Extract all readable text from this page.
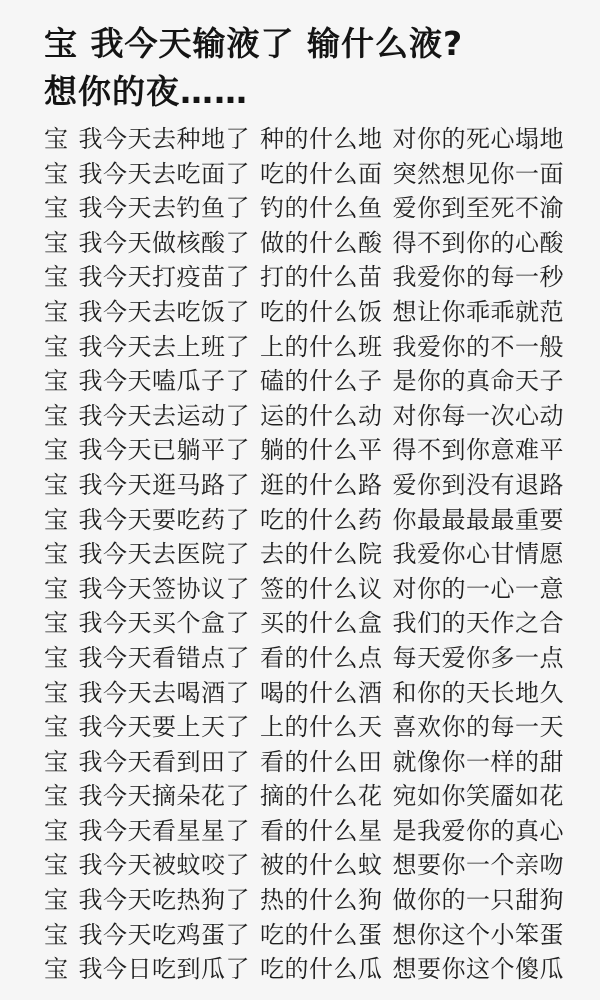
宝 我今天输液了 输什么液?
想你的夜……
宝 我今天去种地了 种的什么地 对你的死心塌地
宝 我今天去吃面了 吃的什么面 突然想见你一面
宝 我今天去钓鱼了 钓的什么鱼 爱你到至死不渝
宝 我今天做核酸了 做的什么酸 得不到你的心酸
宝 我今天打疫苗了 打的什么苗 我爱你的每一秒
宝 我今天去吃饭了 吃的什么饭 想让你乖乖就范
宝 我今天去上班了 上的什么班 我爱你的不一般
宝 我今天嗑瓜子了 磕的什么子 是你的真命天子
宝 我今天去运动了 运的什么动 对你每一次心动
宝 我今天已躺平了 躺的什么平 得不到你意难平
宝 我今天逛马路了 逛的什么路 爱你到没有退路
宝 我今天要吃药了 吃的什么药 你最最最最重要
宝 我今天去医院了 去的什么院 我爱你心甘情愿
宝 我今天签协议了 签的什么议 对你的一心一意
宝 我今天买个盒了 买的什么盒 我们的天作之合
宝 我今天看错点了 看的什么点 每天爱你多一点
宝 我今天去喝酒了 喝的什么酒 和你的天长地久
宝 我今天要上天了 上的什么天 喜欢你的每一天
宝 我今天看到田了 看的什么田 就像你一样的甜
宝 我今天摘朵花了 摘的什么花 宛如你笑靥如花
宝 我今天看星星了 看的什么星 是我爱你的真心
宝 我今天被蚊咬了 被的什么蚊 想要你一个亲吻
宝 我今天吃热狗了 热的什么狗 做你的一只甜狗
宝 我今天吃鸡蛋了 吃的什么蛋 想你这个小笨蛋
宝 我今日吃到瓜了 吃的什么瓜 想要你这个傻瓜
